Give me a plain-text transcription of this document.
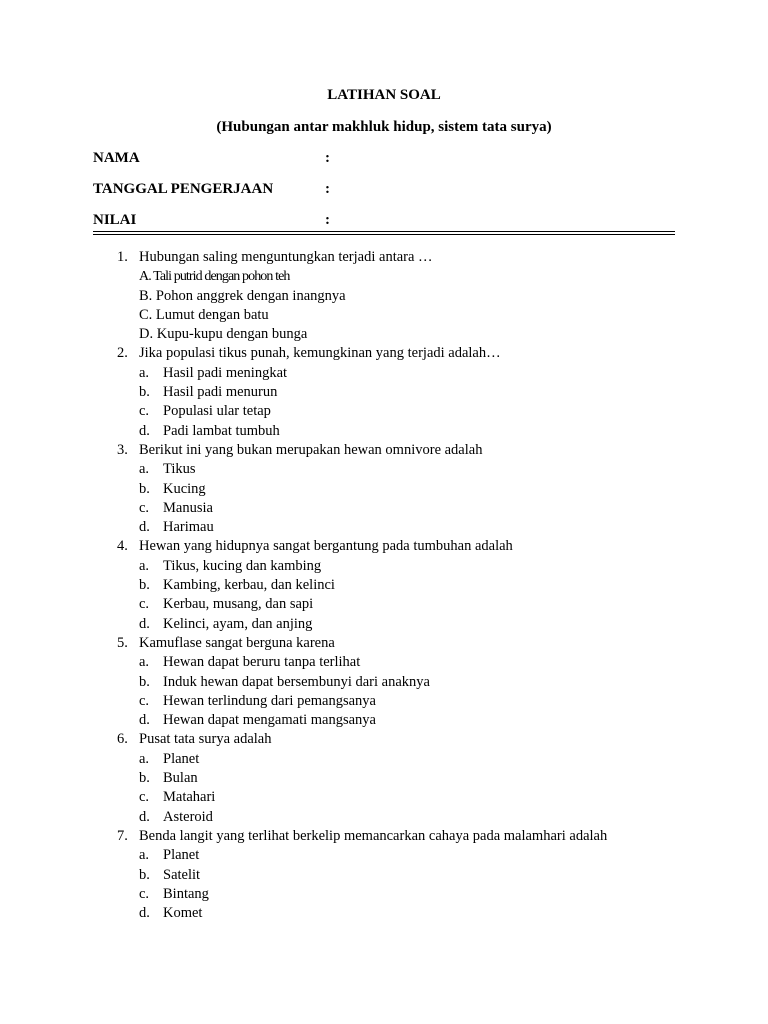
LATIHAN SOAL
(Hubungan antar makhluk hidup, sistem tata surya)
NAMA	:
TANGGAL PENGERJAAN	:
NILAI	:
1. Hubungan saling menguntungkan terjadi antara …
A. Tali putrid dengan pohon teh
B. Pohon anggrek dengan inangnya
C. Lumut dengan batu
D. Kupu-kupu dengan bunga
2. Jika populasi tikus punah, kemungkinan yang terjadi adalah…
a. Hasil padi meningkat
b. Hasil padi menurun
c. Populasi ular tetap
d. Padi lambat tumbuh
3. Berikut ini yang bukan merupakan hewan omnivore adalah
a. Tikus
b. Kucing
c. Manusia
d. Harimau
4. Hewan yang hidupnya sangat bergantung pada tumbuhan adalah
a. Tikus, kucing dan kambing
b. Kambing, kerbau, dan kelinci
c. Kerbau, musang, dan sapi
d. Kelinci, ayam, dan anjing
5. Kamuflase sangat berguna karena
a. Hewan dapat beruru tanpa terlihat
b. Induk hewan dapat bersembunyi dari anaknya
c. Hewan terlindung dari pemangsanya
d. Hewan dapat mengamati mangsanya
6. Pusat tata surya adalah
a. Planet
b. Bulan
c. Matahari
d. Asteroid
7. Benda langit yang terlihat berkelip memancarkan cahaya pada malamhari adalah
a. Planet
b. Satelit
c. Bintang
d. Komet
